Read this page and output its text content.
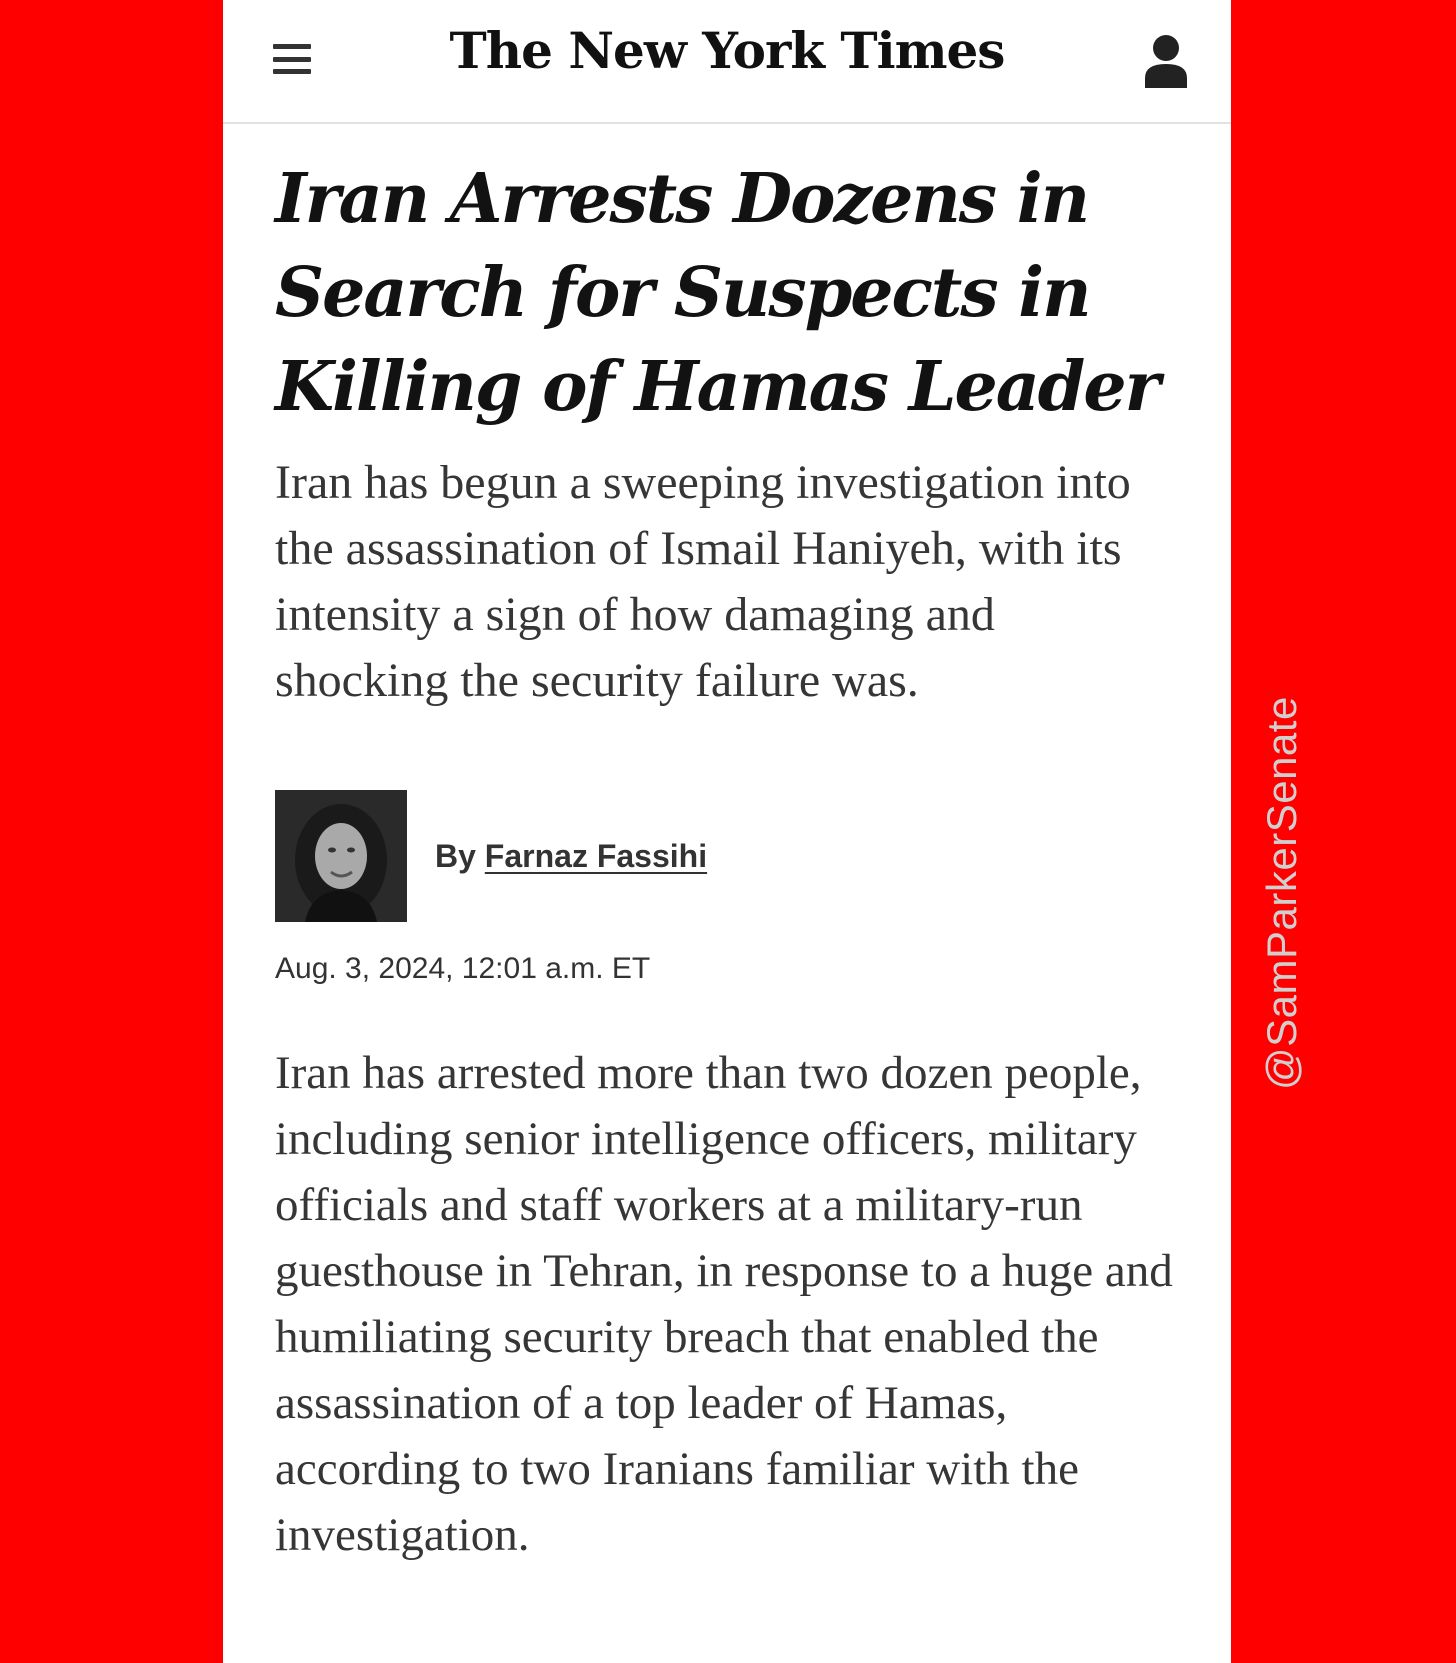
The New York Times
Iran Arrests Dozens in Search for Suspects in Killing of Hamas Leader

Iran has begun a sweeping investigation into the assassination of Ismail Haniyeh, with its intensity a sign of how damaging and shocking the security failure was.

By Farnaz Fassihi
Aug. 3, 2024, 12:01 a.m. ET

Iran has arrested more than two dozen people, including senior intelligence officers, military officials and staff workers at a military-run guesthouse in Tehran, in response to a huge and humiliating security breach that enabled the assassination of a top leader of Hamas, according to two Iranians familiar with the investigation.

@SamParkerSenate
